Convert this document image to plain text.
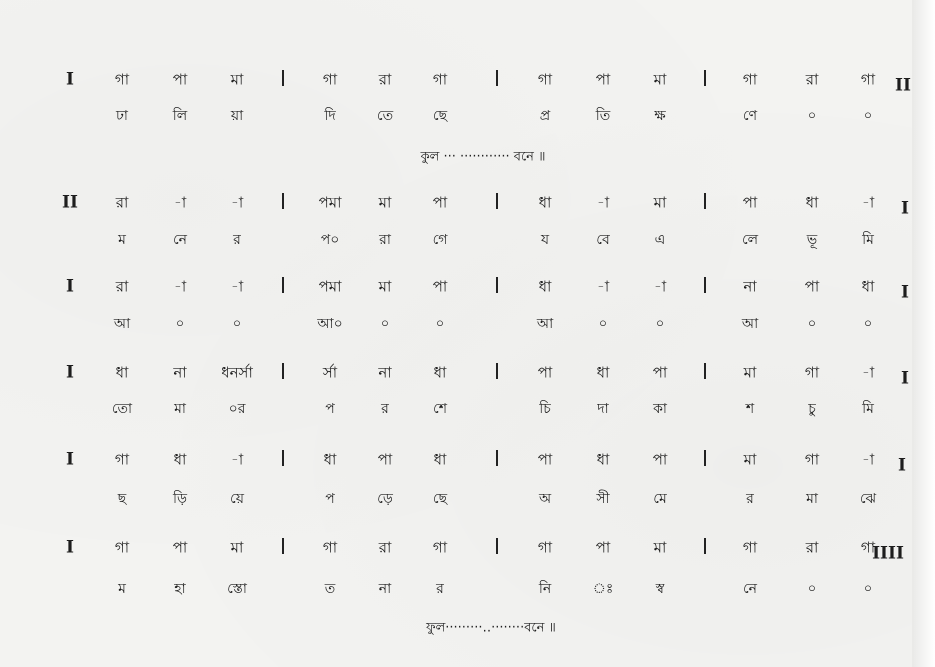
I	গা	পা	মা	গা	রা	গা	গা	পা	মা	গা	রা	গা II
ঢা	লি	য়া	দি	তে	ছে	প্র	তি	ক্ষ	ণে	০	০
II	রা	-া	-া	পমা মা	পা	ধা	-া	মা	পা	ধা	-া I
ম	নে	র	প০	রা	গে	য	বে	এ	লে	ভূ	মি
I	রা	-া	-া	পমা মা	পা	ধা	-া	-া	না	পা	ধা I
আ	০	০	আ০	০	০	আ	০	০	আ	০	০
I	ধা	না ধনর্সা	র্সা	না	ধা	পা	ধা	পা	মা	গা	-া I
তো	মা	০র	প	র	শে	চি	দা	কা	শ	চু	মি
I	গা	ধা	-া	ধা	পা	ধা	পা	ধা	পা	মা	গা	-া I
ছ	ড়ি	য়ে	প	ড়ে	ছে	অ	সী	মে	র	মা	ঝে
I	গা	পা	মা	গা	রা	গা	গা	পা	মা	গা	রা	গা
IIII
ম	হা	স্তো	ত	না	র	নি	ঃ	স্ব	নে	০	০
কুল ··· ············ বনে ॥
ফুল·········‥········বনে ॥
